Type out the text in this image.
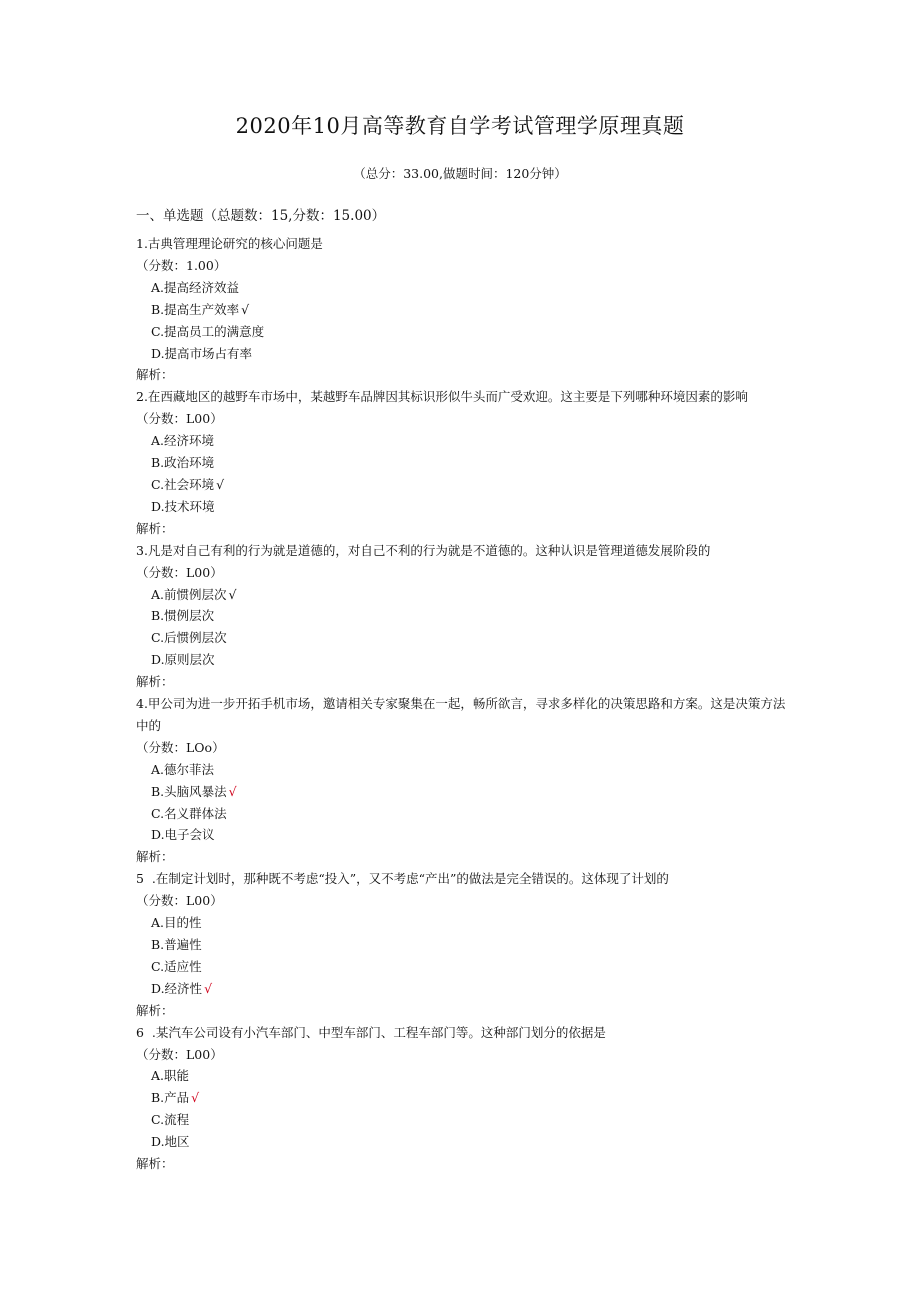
2020年10月高等教育自学考试管理学原理真题
（总分：33.00,做题时间：120分钟）
一、单选题（总题数：15,分数：15.00）
1.古典管理理论研究的核心问题是
（分数：1.00）
A.提高经济效益
B.提高生产效率 √
C.提高员工的满意度
D.提高市场占有率
解析：
2.在西藏地区的越野车市场中，某越野车品牌因其标识形似牛头而广受欢迎。这主要是下列哪种环境因素的影响
（分数：L00）
A.经济环境
B.政治环境
C.社会环境 √
D.技术环境
解析：
3.凡是对自己有利的行为就是道德的，对自己不利的行为就是不道德的。这种认识是管理道德发展阶段的
（分数：L00）
A.前惯例层次 √
B.惯例层次
C.后惯例层次
D.原则层次
解析：
4.甲公司为进一步开拓手机市场，邀请相关专家聚集在一起，畅所欲言，寻求多样化的决策思路和方案。这是决策方法中的
（分数：LOo）
A.德尔菲法
B.头脑风暴法 √
C.名义群体法
D.电子会议
解析：
5  .在制定计划时，那种既不考虑“投入”，又不考虑“产出”的做法是完全错误的。这体现了计划的
（分数：L00）
A.目的性
B.普遍性
C.适应性
D.经济性 √
解析：
6  .某汽车公司设有小汽车部门、中型车部门、工程车部门等。这种部门划分的依据是
（分数：L00）
A.职能
B.产品 √
C.流程
D.地区
解析：
